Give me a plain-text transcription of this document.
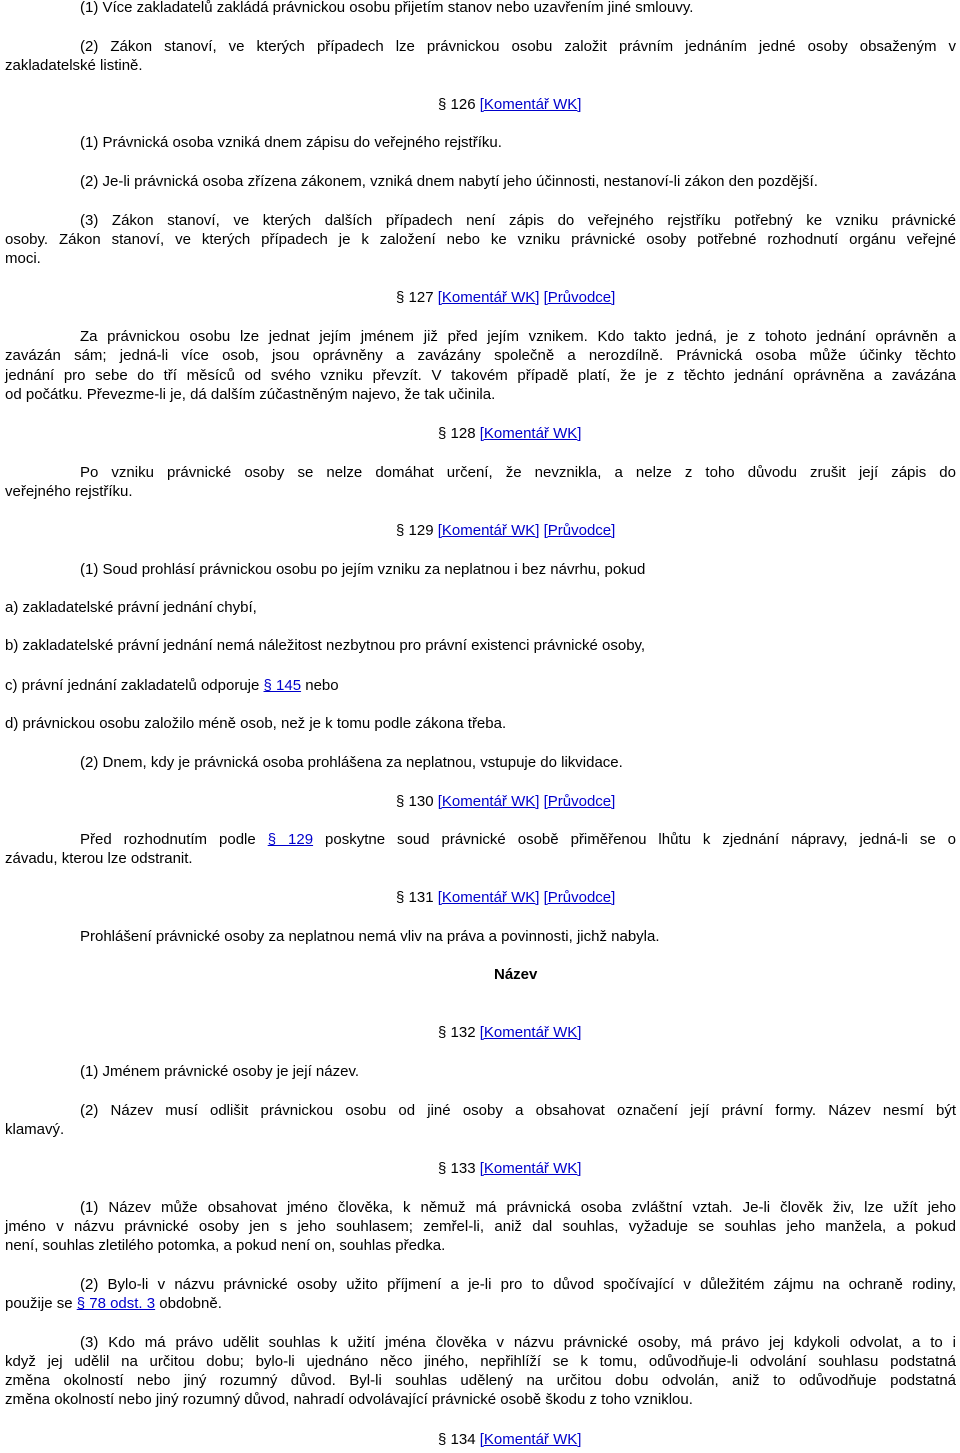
(1) Více zakladatelů zakládá právnickou osobu přijetím stanov nebo uzavřením jiné smlouvy.

(2) Zákon stanoví, ve kterých případech lze právnickou osobu založit právním jednáním jedné osoby obsaženým v

zakladatelské listině.

§ 126 [Komentář WK]

(1) Právnická osoba vzniká dnem zápisu do veřejného rejstříku.

(2) Je-li právnická osoba zřízena zákonem, vzniká dnem nabytí jeho účinnosti, nestanoví-li zákon den pozdější.

(3) Zákon stanoví, ve kterých dalších případech není zápis do veřejného rejstříku potřebný ke vzniku právnické

osoby. Zákon stanoví, ve kterých případech je k založení nebo ke vzniku právnické osoby potřebné rozhodnutí orgánu veřejné

moci.

§ 127 [Komentář WK] [Průvodce]

Za právnickou osobu lze jednat jejím jménem již před jejím vznikem. Kdo takto jedná, je z tohoto jednání oprávněn a

zavázán sám; jedná-li více osob, jsou oprávněny a zavázány společně a nerozdílně. Právnická osoba může účinky těchto

jednání pro sebe do tří měsíců od svého vzniku převzít. V takovém případě platí, že je z těchto jednání oprávněna a zavázána

od počátku. Převezme-li je, dá dalším zúčastněným najevo, že tak učinila.

§ 128 [Komentář WK]

Po vzniku právnické osoby se nelze domáhat určení, že nevznikla, a nelze z toho důvodu zrušit její zápis do

veřejného rejstříku.

§ 129 [Komentář WK] [Průvodce]

(1) Soud prohlásí právnickou osobu po jejím vzniku za neplatnou i bez návrhu, pokud

a) zakladatelské právní jednání chybí,

b) zakladatelské právní jednání nemá náležitost nezbytnou pro právní existenci právnické osoby,

c) právní jednání zakladatelů odporuje § 145 nebo

d) právnickou osobu založilo méně osob, než je k tomu podle zákona třeba.

(2) Dnem, kdy je právnická osoba prohlášena za neplatnou, vstupuje do likvidace.

§ 130 [Komentář WK] [Průvodce]

Před rozhodnutím podle § 129 poskytne soud právnické osobě přiměřenou lhůtu k zjednání nápravy, jedná-li se o

závadu, kterou lze odstranit.

§ 131 [Komentář WK] [Průvodce]

Prohlášení právnické osoby za neplatnou nemá vliv na práva a povinnosti, jichž nabyla.

Název
§ 132 [Komentář WK]

(1) Jménem právnické osoby je její název.

(2) Název musí odlišit právnickou osobu od jiné osoby a obsahovat označení její právní formy. Název nesmí být

klamavý.

§ 133 [Komentář WK]

(1) Název může obsahovat jméno člověka, k němuž má právnická osoba zvláštní vztah. Je-li člověk živ, lze užít jeho

jméno v názvu právnické osoby jen s jeho souhlasem; zemřel-li, aniž dal souhlas, vyžaduje se souhlas jeho manžela, a pokud

není, souhlas zletilého potomka, a pokud není on, souhlas předka.

(2) Bylo-li v názvu právnické osoby užito příjmení a je-li pro to důvod spočívající v důležitém zájmu na ochraně rodiny,

použije se § 78 odst. 3 obdobně.

(3) Kdo má právo udělit souhlas k užití jména člověka v názvu právnické osoby, má právo jej kdykoli odvolat, a to i

když jej udělil na určitou dobu; bylo-li ujednáno něco jiného, nepřihlíží se k tomu, odůvodňuje-li odvolání souhlasu podstatná

změna okolností nebo jiný rozumný důvod. Byl-li souhlas udělený na určitou dobu odvolán, aniž to odůvodňuje podstatná

změna okolností nebo jiný rozumný důvod, nahradí odvolávající právnické osobě škodu z toho vzniklou.

§ 134 [Komentář WK]
